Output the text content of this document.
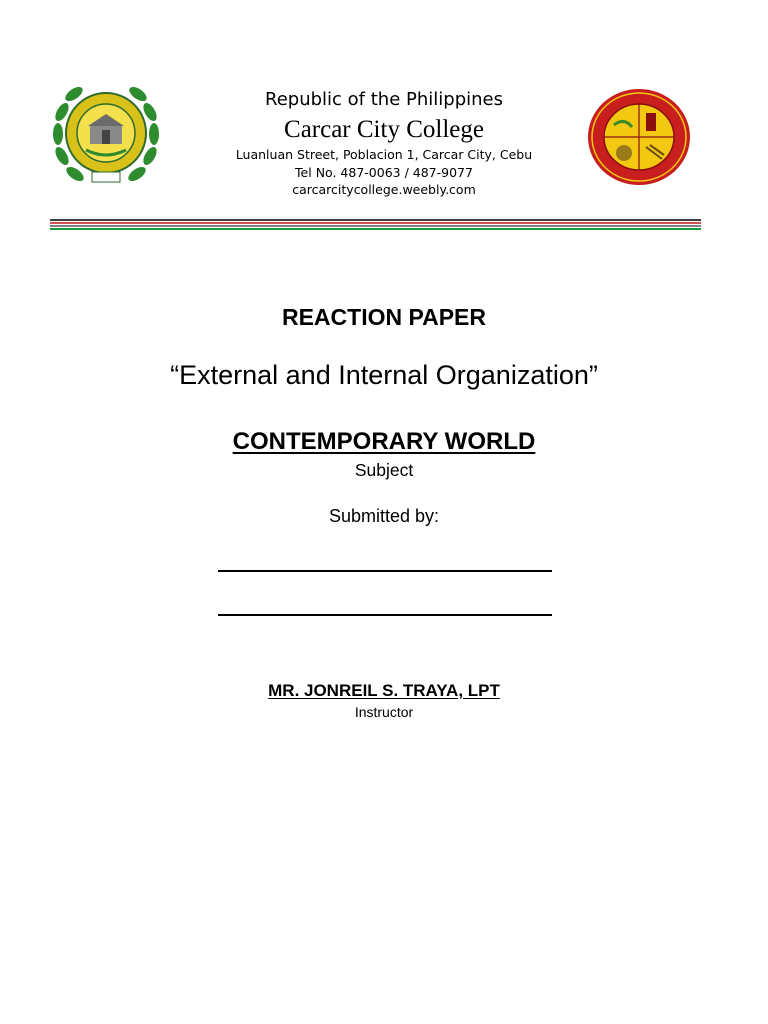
Republic of the Philippines
Carcar City College
Luanluan Street, Poblacion 1, Carcar City, Cebu
Tel No. 487-0063 / 487-9077
carcarcitycollege.weebly.com
REACTION PAPER
“External and Internal Organization”
CONTEMPORARY WORLD
Subject
Submitted by:
MR. JONREIL S. TRAYA, LPT
Instructor
